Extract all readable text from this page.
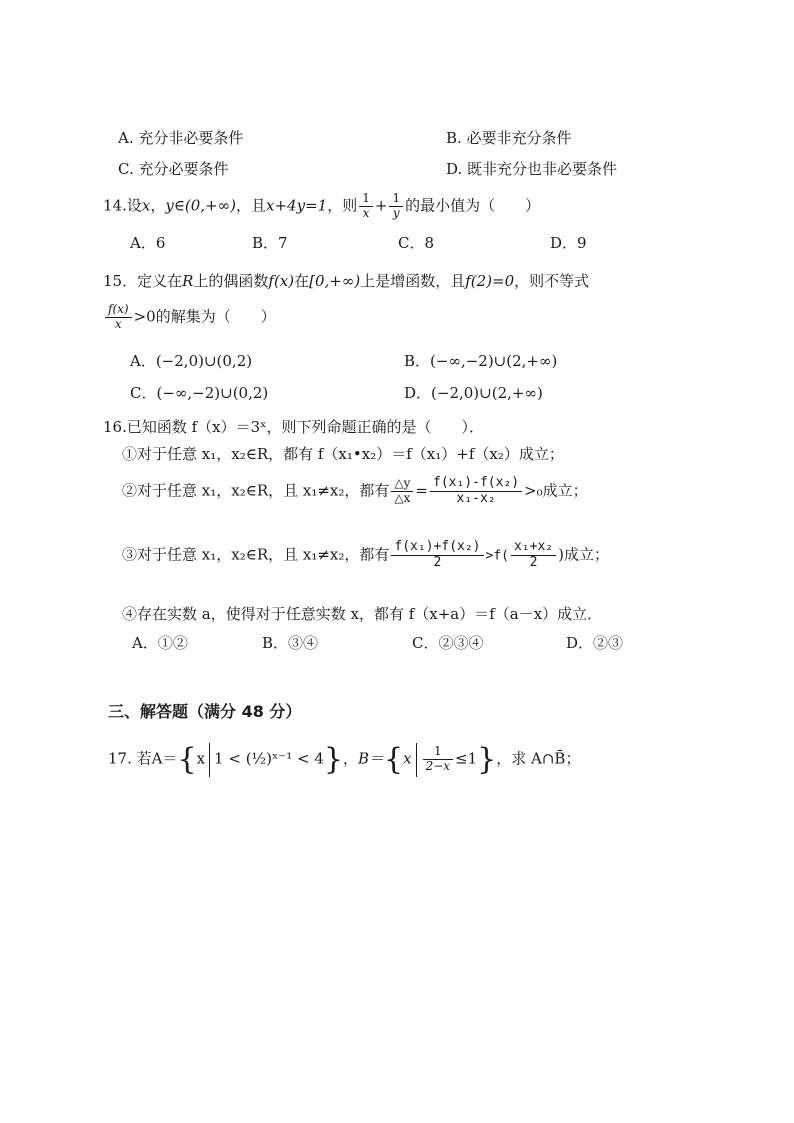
A. 充分非必要条件	B. 必要非充分条件
C. 充分必要条件	D. 既非充分也非必要条件
14.设x，y∈(0,+∞)，且x+4y=1，则 $\frac{1}{x} + \frac{1}{y}$ 的最小值为（　　）
A．6	B．7	C．8	D．9
15．定义在R上的偶函数f(x)在[0,+∞)上是增函数，且f(2)=0，则不等式
$\frac{f(x)}{x} >0$的解集为（　　）
A．(−2,0)∪(0,2)	B．(−∞,−2)∪(2,+∞)
C．(−∞,−2)∪(0,2)	D．(−2,0)∪(2,+∞)
16.已知函数 f（x）＝3ˣ，则下列命题正确的是（　　）．
①对于任意 x₁，x₂∈R，都有 f（x₁•x₂）＝f（x₁）+f（x₂）成立；
②对于任意 x₁，x₂∈R，且 x₁≠x₂，都有 $\frac{\triangle y}{\triangle x} = \frac{\text{f(x₁)-f(x₂)}}{\text{x₁-x₂}} >_0$成立；
③对于任意 x₁，x₂∈R，且 x₁≠x₂，都有 $\frac{\text{f(x₁)+f(x₂)}}{2} >f( \frac{\text{x₁+x₂}}{2}$ )成立；
④存在实数 a，使得对于任意实数 x，都有 f（x+a）＝f（a－x）成立．
A．①②	B．③④	C．②③④	D．②③
三、解答题（满分 48 分）
17. 若A＝{x 1 < (½)ˣ⁻¹ < 4}，$B=\{x \frac{1}{2-x} \le 1\}$，求 A∩B̄；
